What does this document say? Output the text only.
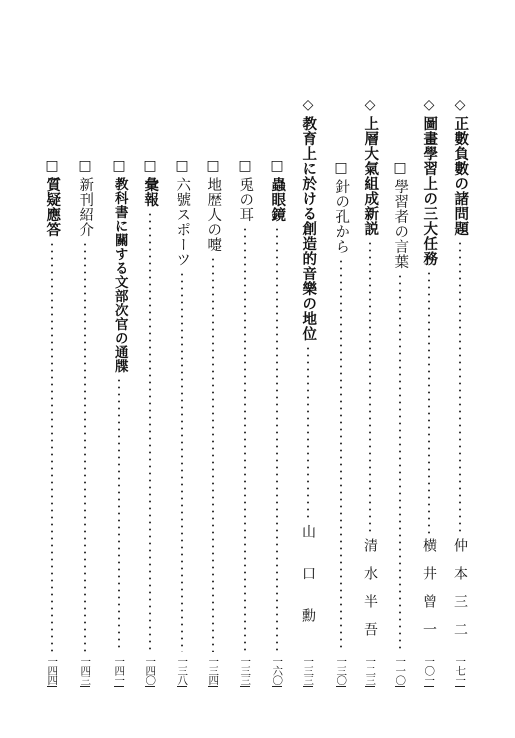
◇
正數負數の諸問題
仲本三二
一七一
◇
圖畫學習上の三大任務
横井曾一
一〇一
□
學習者の言葉
一一〇
◇
上層大氣組成新説
清水半吾
一二三
□
針の孔から
一三〇
◇
教育上に於ける創造的音樂の地位
山口勳
一三三
□
蟲眼鏡
一六〇
□
兎の耳
一三三
□
地歴人の嚏
一三四
□
六號スポーツ
一三八
□
彙報
一四〇
□
教科書に關する文部次官の通牒
一四一
□
新刊紹介
一四三
□
質疑應答
一四四
